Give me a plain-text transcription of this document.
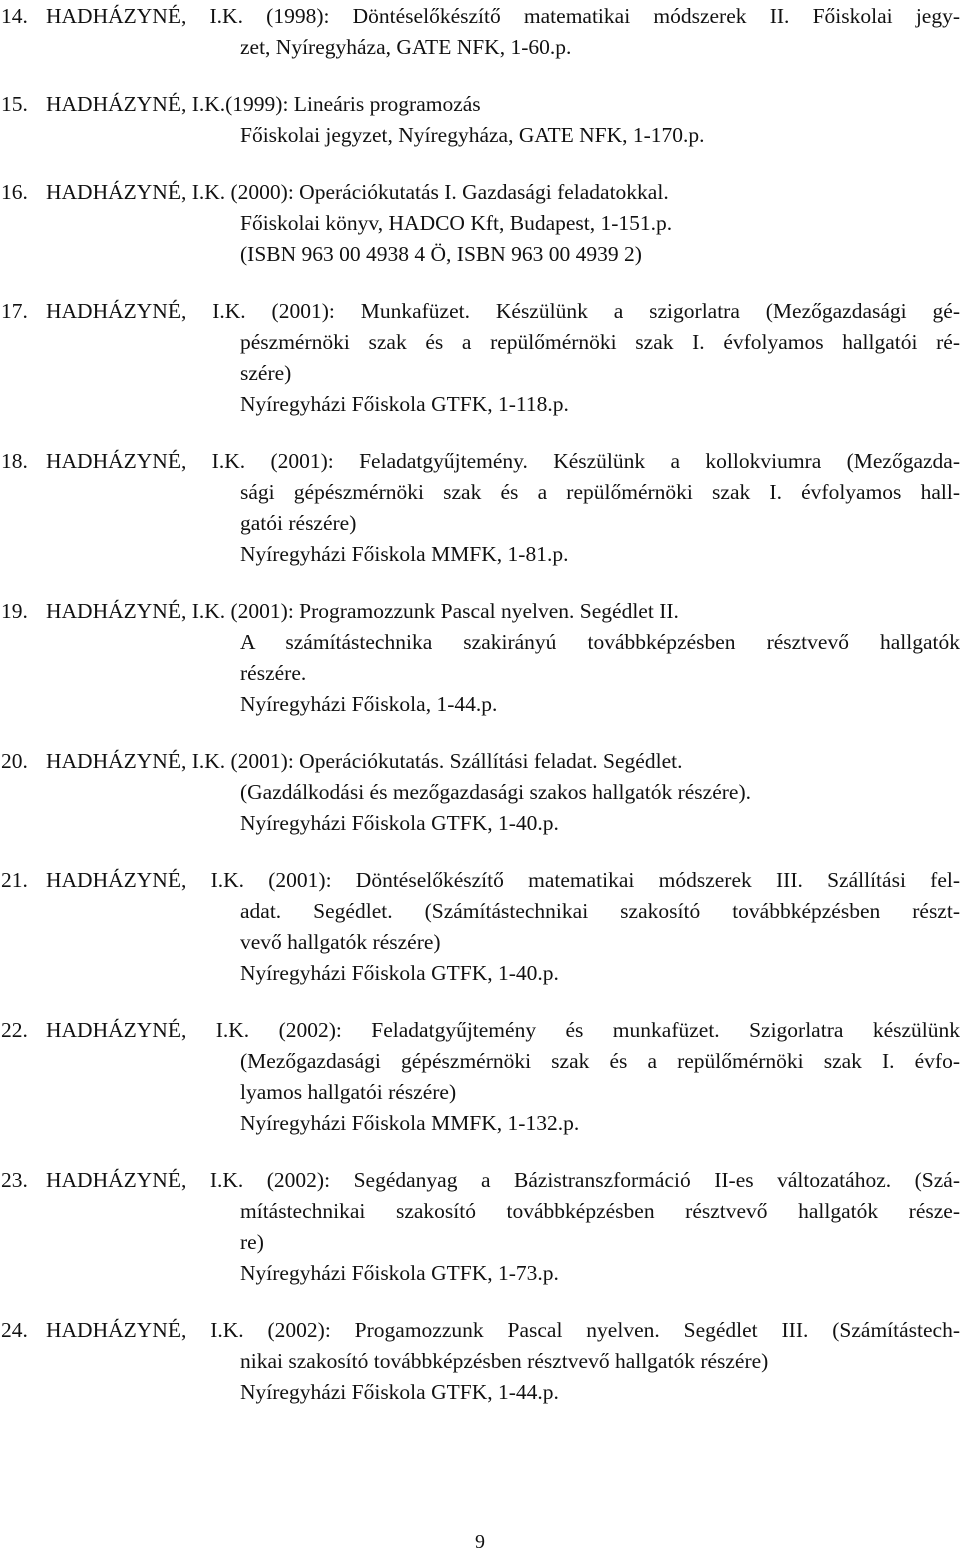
14. HADHÁZYNÉ, I.K. (1998): Döntéselőkészítő matematikai módszerek II. Főiskolai jegy-
zet, Nyíregyháza, GATE NFK, 1-60.p.
15. HADHÁZYNÉ, I.K.(1999): Lineáris programozás
Főiskolai jegyzet, Nyíregyháza, GATE NFK, 1-170.p.
16. HADHÁZYNÉ, I.K. (2000): Operációkutatás I. Gazdasági feladatokkal.
Főiskolai könyv, HADCO Kft, Budapest, 1-151.p.
(ISBN 963 00 4938 4 Ö, ISBN 963 00 4939 2)
17. HADHÁZYNÉ, I.K. (2001): Munkafüzet. Készülünk a szigorlatra (Mezőgazdasági gé-
pészmérnöki szak és a repülőmérnöki szak I. évfolyamos hallgatói ré-
szére)
Nyíregyházi Főiskola GTFK, 1-118.p.
18. HADHÁZYNÉ, I.K. (2001): Feladatgyűjtemény. Készülünk a kollokviumra (Mezőgazda-
sági gépészmérnöki szak és a repülőmérnöki szak I. évfolyamos hall-
gatói részére)
Nyíregyházi Főiskola MMFK, 1-81.p.
19. HADHÁZYNÉ, I.K. (2001): Programozzunk Pascal nyelven. Segédlet II.
A számítástechnika szakirányú továbbképzésben résztvevő hallgatók
részére.
Nyíregyházi Főiskola, 1-44.p.
20. HADHÁZYNÉ, I.K. (2001): Operációkutatás. Szállítási feladat. Segédlet.
(Gazdálkodási és mezőgazdasági szakos hallgatók részére).
Nyíregyházi Főiskola GTFK, 1-40.p.
21. HADHÁZYNÉ, I.K. (2001): Döntéselőkészítő matematikai módszerek III. Szállítási fel-
adat. Segédlet. (Számítástechnikai szakosító továbbképzésben részt-
vevő hallgatók részére)
Nyíregyházi Főiskola GTFK, 1-40.p.
22. HADHÁZYNÉ, I.K. (2002): Feladatgyűjtemény és munkafüzet. Szigorlatra készülünk
(Mezőgazdasági gépészmérnöki szak és a repülőmérnöki szak I. évfo-
lyamos hallgatói részére)
Nyíregyházi Főiskola MMFK, 1-132.p.
23. HADHÁZYNÉ, I.K. (2002): Segédanyag a Bázistranszformáció II-es változatához. (Szá-
mítástechnikai szakosító továbbképzésben résztvevő hallgatók része-
re)
Nyíregyházi Főiskola GTFK, 1-73.p.
24. HADHÁZYNÉ, I.K. (2002): Progamozzunk Pascal nyelven. Segédlet III. (Számítástech-
nikai szakosító továbbképzésben résztvevő hallgatók részére)
Nyíregyházi Főiskola GTFK, 1-44.p.
9
